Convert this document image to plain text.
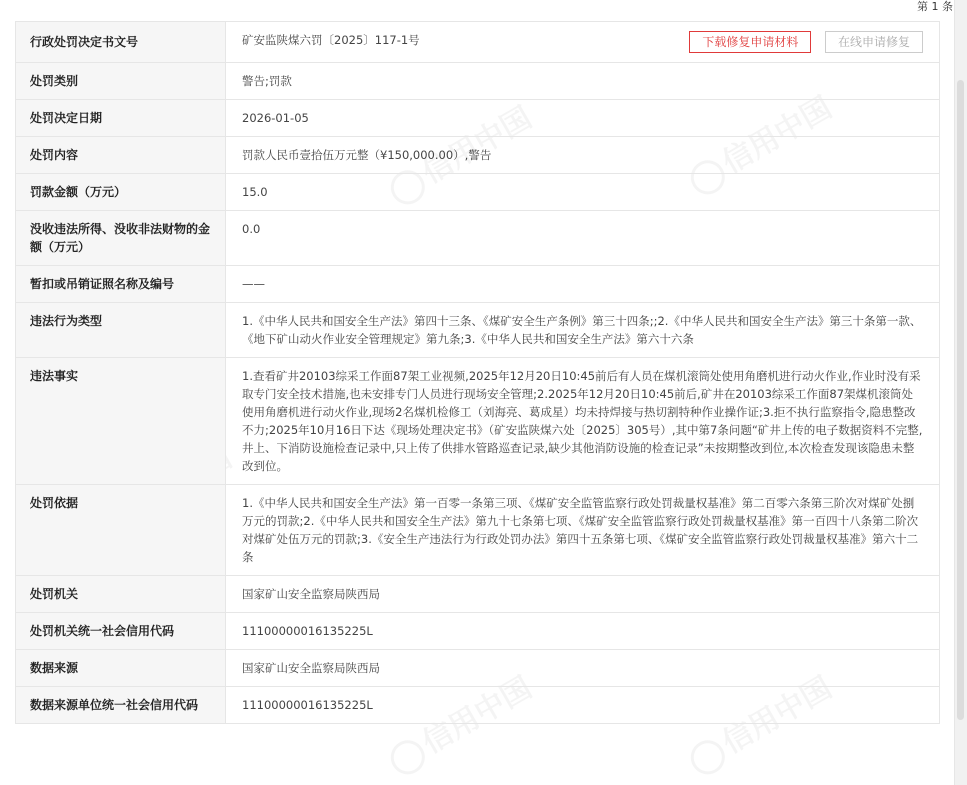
第 1 条
行政处罚决定书文号	矿安监陕煤六罚〔2025〕117-1号 下载修复申请材料 在线申请修复

处罚类别	警告;罚款
处罚决定日期	2026-01-05
处罚内容	罚款人民币壹拾伍万元整（¥150,000.00）,警告
罚款金额（万元）	15.0
没收违法所得、没收非法财物的金额（万元）	0.0
暂扣或吊销证照名称及编号	——
违法行为类型	1.《中华人民共和国安全生产法》第四十三条、《煤矿安全生产条例》第三十四条;;2.《中华人民共和国安全生产法》第三十条第一款、《地下矿山动火作业安全管理规定》第九条;3.《中华人民共和国安全生产法》第六十六条
违法事实	1.查看矿井20103综采工作面87架工业视频,2025年12月20日10:45前后有人员在煤机滚筒处使用角磨机进行动火作业,作业时没有采取专门安全技术措施,也未安排专门人员进行现场安全管理;2.2025年12月20日10:45前后,矿井在20103综采工作面87架煤机滚筒处使用角磨机进行动火作业,现场2名煤机检修工（刘海亮、葛成星）均未持焊接与热切割特种作业操作证;3.拒不执行监察指令,隐患整改不力;2025年10月16日下达《现场处理决定书》（矿安监陕煤六处〔2025〕305号）,其中第7条问题“矿井上传的电子数据资料不完整,井上、下消防设施检查记录中,只上传了供排水管路巡查记录,缺少其他消防设施的检查记录”未按期整改到位,本次检查发现该隐患未整改到位。
处罚依据	1.《中华人民共和国安全生产法》第一百零一条第三项、《煤矿安全监管监察行政处罚裁量权基准》第二百零六条第三阶次对煤矿处捌万元的罚款;2.《中华人民共和国安全生产法》第九十七条第七项、《煤矿安全监管监察行政处罚裁量权基准》第一百四十八条第二阶次对煤矿处伍万元的罚款;3.《安全生产违法行为行政处罚办法》第四十五条第七项、《煤矿安全监管监察行政处罚裁量权基准》第六十二条
处罚机关	国家矿山安全监察局陕西局
处罚机关统一社会信用代码	11100000016135225L
数据来源	国家矿山安全监察局陕西局
数据来源单位统一社会信用代码	11100000016135225L
